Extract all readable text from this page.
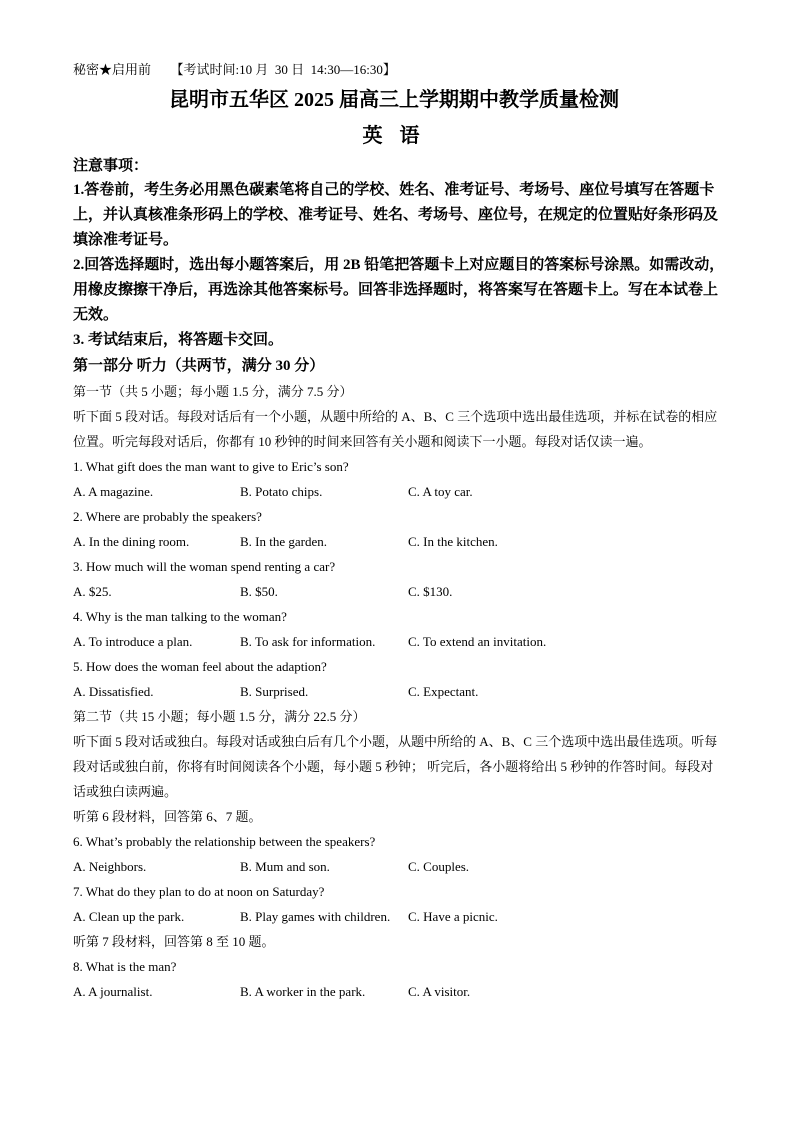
秘密★启用前 【考试时间:10 月  30 日  14:30—16:30】
昆明市五华区 2025 届高三上学期期中教学质量检测
英 语
注意事项：
1.答卷前，考生务必用黑色碳素笔将自己的学校、姓名、准考证号、考场号、座位号填写在答题卡上，并认真核准条形码上的学校、准考证号、姓名、考场号、座位号，在规定的位置贴好条形码及填涂准考证号。
2.回答选择题时，选出每小题答案后，用 2B 铅笔把答题卡上对应题目的答案标号涂黑。如需改动，用橡皮擦擦干净后，再选涂其他答案标号。回答非选择题时，将答案写在答题卡上。写在本试卷上无效。
3. 考试结束后，将答题卡交回。
第一部分 听力（共两节，满分 30 分）
第一节（共 5 小题；每小题 1.5 分，满分 7.5 分）
听下面 5 段对话。每段对话后有一个小题，从题中所给的 A、B、C 三个选项中选出最佳选项，并标在试卷的相应位置。听完每段对话后，你都有 10 秒钟的时间来回答有关小题和阅读下一小题。每段对话仅读一遍。
1. What gift does the man want to give to Eric’s son?
A. A magazine.	B. Potato chips.	C. A toy car.
2. Where are probably the speakers?
A. In the dining room.	B. In the garden.	C. In the kitchen.
3. How much will the woman spend renting a car?
A. $25.	B. $50.	C. $130.
4. Why is the man talking to the woman?
A. To introduce a plan.	B. To ask for information.	C. To extend an invitation.
5. How does the woman feel about the adaption?
A. Dissatisfied.	B. Surprised.	C. Expectant.
第二节（共 15 小题；每小题 1.5 分，满分 22.5 分）
听下面 5 段对话或独白。每段对话或独白后有几个小题，从题中所给的 A、B、C 三个选项中选出最佳选项。听每段对话或独白前，你将有时间阅读各个小题，每小题 5 秒钟； 听完后，各小题将给出 5 秒钟的作答时间。每段对话或独白读两遍。
听第 6 段材料，回答第 6、7 题。
6. What’s probably the relationship between the speakers?
A. Neighbors.	B. Mum and son.	C. Couples.
7. What do they plan to do at noon on Saturday?
A. Clean up the park.	B. Play games with children. C. Have a picnic.
听第 7 段材料，回答第 8 至 10 题。
8. What is the man?
A. A journalist.	B. A worker in the park.	C. A visitor.
